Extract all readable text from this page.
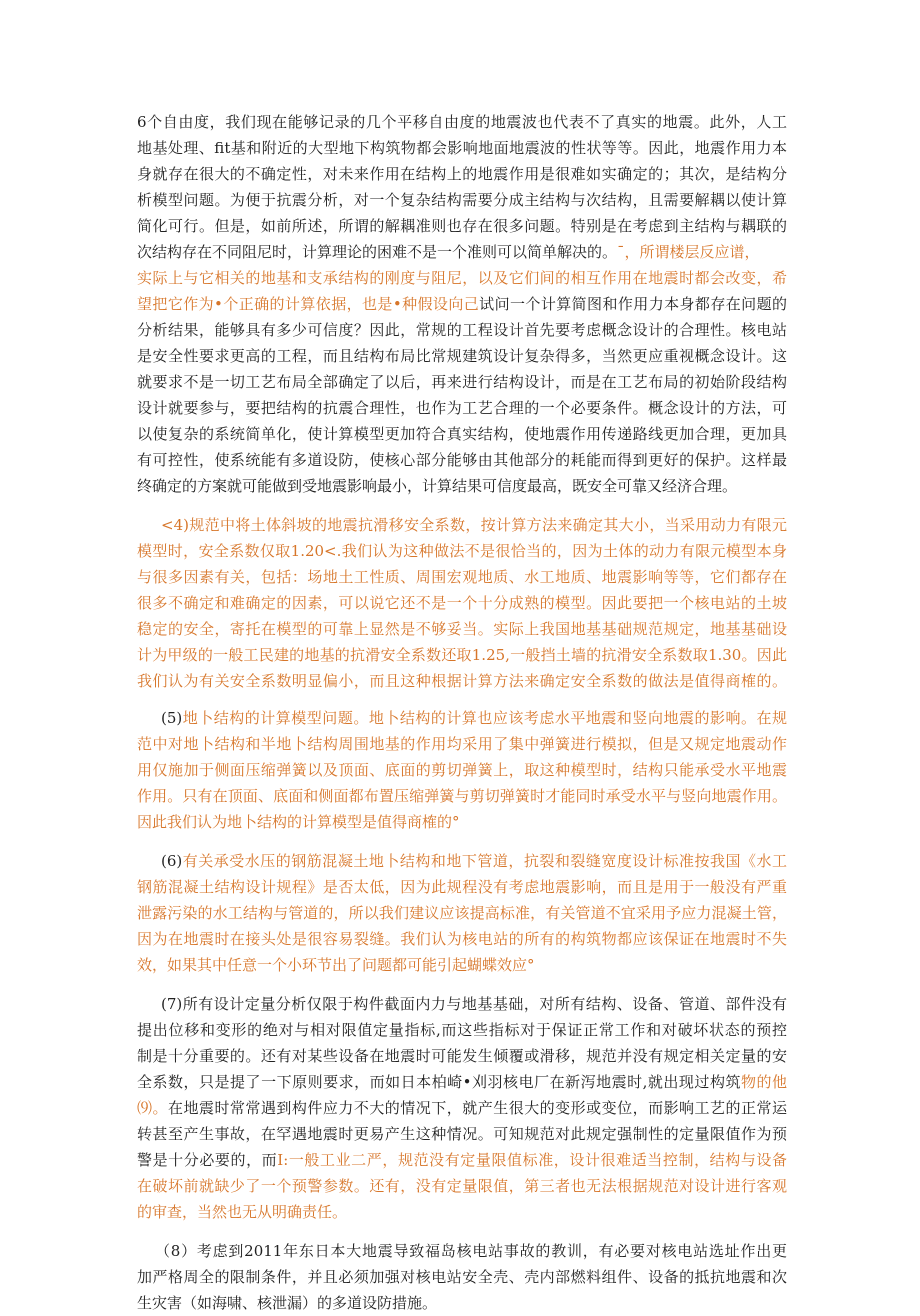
6个自由度，我们现在能够记录的几个平移自由度的地震波也代表不了真实的地震。此外，人工
地基处理、fit基和附近的大型地下构筑物都会影响地面地震波的性状等等。因此，地震作用力本
身就存在很大的不确定性，对未来作用在结构上的地震作用是很难如实确定的；其次，是结构分
析模型问题。为便于抗震分析，对一个复杂结构需要分成主结构与次结构，且需要解耦以使计算
简化可行。但是，如前所述，所谓的解耦准则也存在很多问题。特别是在考虑到主结构与耦联的
次结构存在不同阻尼时，计算理论的困难不是一个准则可以简单解决的。¯，所谓楼层反应谱，
实际上与它相关的地基和支承结构的刚度与阻尼，以及它们间的相互作用在地震时都会改变，希
望把它作为•个正确的计算依据，也是•种假设向己试问一个计算简图和作用力本身都存在问题的
分析结果，能够具有多少可信度？因此，常规的工程设计首先要考虑概念设计的合理性。核电站
是安全性要求更高的工程，而且结构布局比常规建筑设计复杂得多，当然更应重视概念设计。这
就要求不是一切工艺布局全部确定了以后，再来进行结构设计，而是在工艺布局的初始阶段结构
设计就要参与，要把结构的抗震合理性，也作为工艺合理的一个必要条件。概念设计的方法，可
以使复杂的系统简单化，使计算模型更加符合真实结构，使地震作用传递路线更加合理，更加具
有可控性，使系统能有多道设防，使核心部分能够由其他部分的耗能而得到更好的保护。这样最
终确定的方案就可能做到受地震影响最小，计算结果可信度最高，既安全可靠又经济合理。
<4)规范中将土体斜坡的地震抗滑移安全系数，按计算方法来确定其大小，当采用动力有限元
模型时，安全系数仅取1.20<.我们认为这种做法不是很恰当的，因为土体的动力有限元模型本身
与很多因素有关，包括：场地土工性质、周围宏观地质、水工地质、地震影响等等，它们都存在
很多不确定和难确定的因素，可以说它还不是一个十分成熟的模型。因此要把一个核电站的土坡
稳定的安全，寄托在模型的可靠上显然是不够妥当。实际上我国地基基础规范规定，地基基础设
计为甲级的一般工民建的地基的抗滑安全系数还取1.25,一般挡土墙的抗滑安全系数取1.30。因此
我们认为有关安全系数明显偏小，而且这种根据计算方法来确定安全系数的做法是值得商榷的。
(5)地卜结构的计算模型问题。地卜结构的计算也应该考虑水平地震和竖向地震的影响。在规
范中对地卜结构和半地卜结构周围地基的作用均采用了集中弹簧进行模拟，但是又规定地震动作
用仅施加于侧面压缩弹簧以及顶面、底面的剪切弹簧上，取这种模型时，结构只能承受水平地震
作用。只有在顶面、底面和侧面都布置压缩弹簧与剪切弹簧时才能同时承受水平与竖向地震作用。
因此我们认为地卜结构的计算模型是值得商榷的°
(6)有关承受水压的钢筋混凝土地卜结构和地下管道，抗裂和裂缝宽度设计标准按我国《水工
钢筋混凝土结构设计规程》是否太低，因为此规程没有考虑地震影响，而且是用于一般没有严重
泄露污染的水工结构与管道的，所以我们建议应该提高标准，有关管道不宜采用予应力混凝土管，
因为在地震时在接头处是很容易裂缝。我们认为核电站的所有的构筑物都应该保证在地震时不失
效，如果其中任意一个小环节出了问题都可能引起蝴蝶效应°
(7)所有设计定量分析仅限于构件截面内力与地基基础，对所有结构、设备、管道、部件没有
提出位移和变形的绝对与相对限值定量指标,而这些指标对于保证正常工作和对破坏状态的预控
制是十分重要的。还有对某些设备在地震时可能发生倾覆或滑移，规范并没有规定相关定量的安
全系数，只是提了一下原则要求，而如日本柏崎•刈羽核电厂在新泻地震时,就出现过构筑物的他
⑼。在地震时常常遇到构件应力不大的情况下，就产生很大的变形或变位，而影响工艺的正常运
转甚至产生事故，在罕遇地震时更易产生这种情况。可知规范对此规定强制性的定量限值作为预
警是十分必要的，而I:一般工业二严，规范没有定量限值标准，设计很难适当控制，结构与设备
在破坏前就缺少了一个预警参数。还有，没有定量限值，第三者也无法根据规范对设计进行客观
的审查，当然也无从明确责任。
（8）考虑到2011年东日本大地震导致福岛核电站事故的教训，有必要对核电站选址作出更
加严格周全的限制条件，并且必须加强对核电站安全壳、壳内部燃料组件、设备的抵抗地震和次
生灾害（如海啸、核泄漏）的多道设防措施。
